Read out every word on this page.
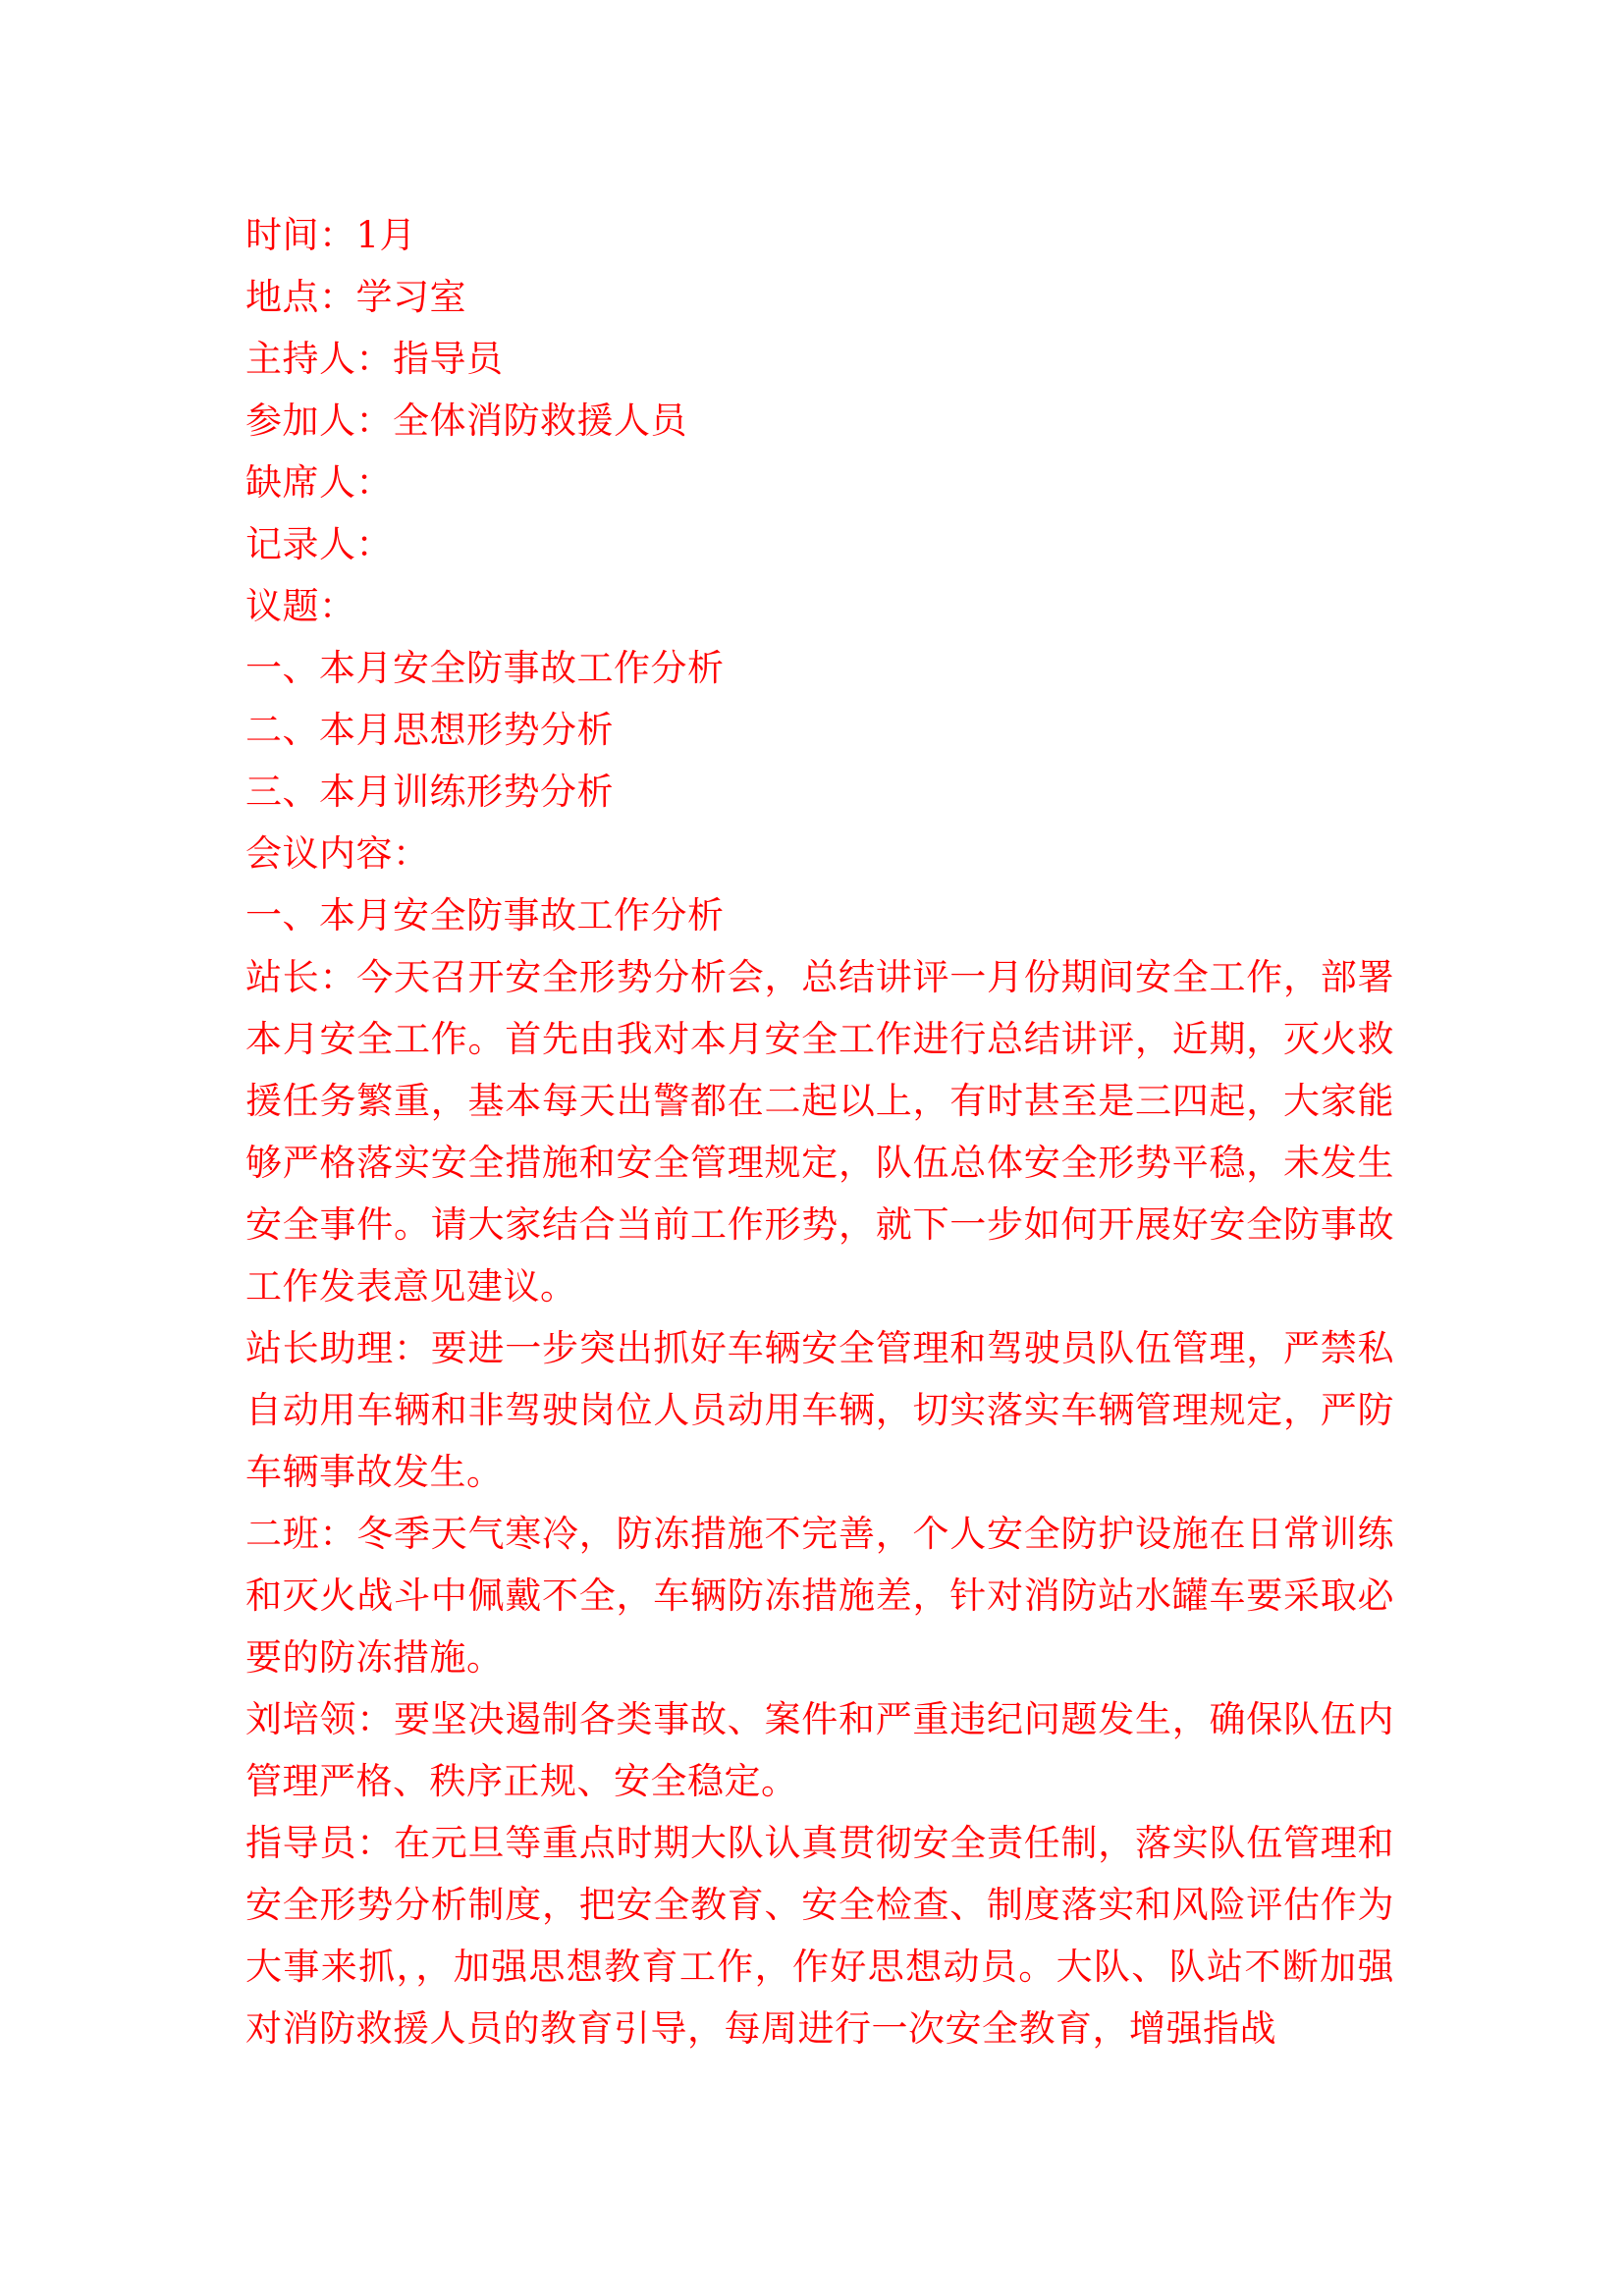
时间：1月
地点：学习室
主持人：指导员
参加人：全体消防救援人员
缺席人：
记录人：
议题：
一、本月安全防事故工作分析
二、本月思想形势分析
三、本月训练形势分析
会议内容：
一、本月安全防事故工作分析
站长：今天召开安全形势分析会，总结讲评一月份期间安全工作，部署本月安全工作。首先由我对本月安全工作进行总结讲评，近期，灭火救援任务繁重，基本每天出警都在二起以上，有时甚至是三四起，大家能够严格落实安全措施和安全管理规定，队伍总体安全形势平稳，未发生安全事件。请大家结合当前工作形势，就下一步如何开展好安全防事故工作发表意见建议。
站长助理：要进一步突出抓好车辆安全管理和驾驶员队伍管理，严禁私自动用车辆和非驾驶岗位人员动用车辆，切实落实车辆管理规定，严防车辆事故发生。
二班：冬季天气寒冷，防冻措施不完善，个人安全防护设施在日常训练和灭火战斗中佩戴不全，车辆防冻措施差，针对消防站水罐车要采取必要的防冻措施。
刘培领：要坚决遏制各类事故、案件和严重违纪问题发生，确保队伍内管理严格、秩序正规、安全稳定。
指导员：在元旦等重点时期大队认真贯彻安全责任制，落实队伍管理和安全形势分析制度，把安全教育、安全检查、制度落实和风险评估作为大事来抓，，加强思想教育工作，作好思想动员。大队、队站不断加强对消防救援人员的教育引导，每周进行一次安全教育，增强指战
